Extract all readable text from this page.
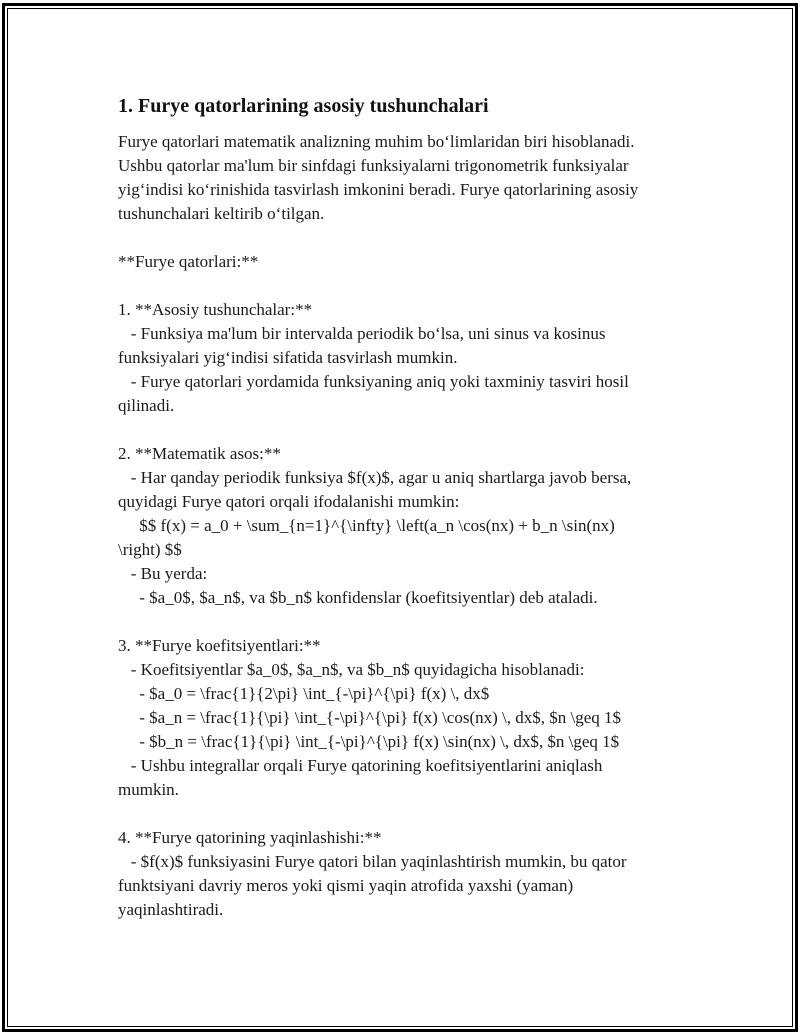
1. Furye qatorlarining asosiy tushunchalari
Furye qatorlari matematik analizning muhim bo‘limlaridan biri hisoblanadi.
Ushbu qatorlar ma'lum bir sinfdagi funksiyalarni trigonometrik funksiyalar
yig‘indisi ko‘rinishida tasvirlash imkonini beradi. Furye qatorlarining asosiy
tushunchalari keltirib o‘tilgan.
**Furye qatorlari:**
1. **Asosiy tushunchalar:**
- Funksiya ma'lum bir intervalda periodik bo‘lsa, uni sinus va kosinus
funksiyalari yig‘indisi sifatida tasvirlash mumkin.
- Furye qatorlari yordamida funksiyaning aniq yoki taxminiy tasviri hosil
qilinadi.
2. **Matematik asos:**
- Har qanday periodik funksiya $f(x)$, agar u aniq shartlarga javob bersa,
quyidagi Furye qatori orqali ifodalanishi mumkin:
$$ f(x) = a_0 + \sum_{n=1}^{\infty} \left(a_n \cos(nx) + b_n \sin(nx)
\right) $$
- Bu yerda:
- $a_0$, $a_n$, va $b_n$ konfidenslar (koefitsiyentlar) deb ataladi.
3. **Furye koefitsiyentlari:**
- Koefitsiyentlar $a_0$, $a_n$, va $b_n$ quyidagicha hisoblanadi:
- $a_0 = \frac{1}{2\pi} \int_{-\pi}^{\pi} f(x) \, dx$
- $a_n = \frac{1}{\pi} \int_{-\pi}^{\pi} f(x) \cos(nx) \, dx$, $n \geq 1$
- $b_n = \frac{1}{\pi} \int_{-\pi}^{\pi} f(x) \sin(nx) \, dx$, $n \geq 1$
- Ushbu integrallar orqali Furye qatorining koefitsiyentlarini aniqlash
mumkin.
4. **Furye qatorining yaqinlashishi:**
- $f(x)$ funksiyasini Furye qatori bilan yaqinlashtirish mumkin, bu qator
funktsiyani davriy meros yoki qismi yaqin atrofida yaxshi (yaman)
yaqinlashtiradi.
